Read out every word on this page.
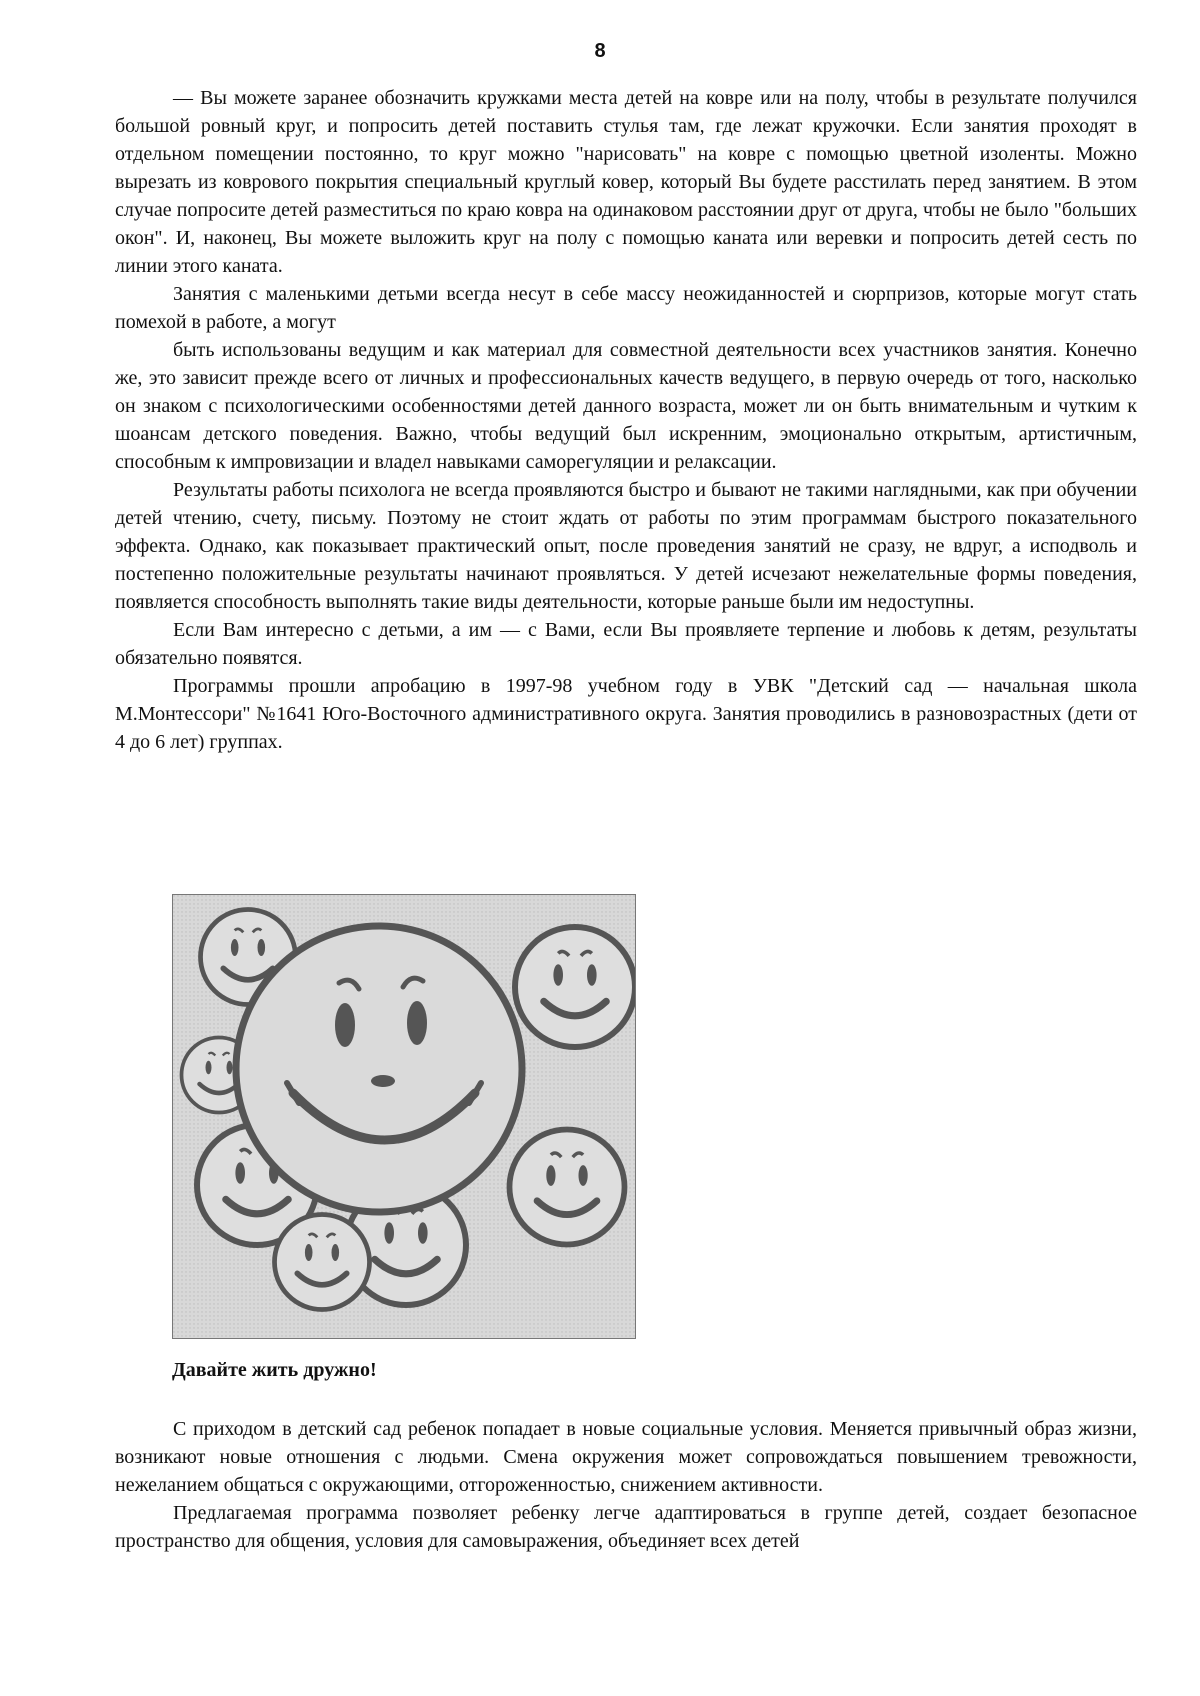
8

— Вы можете заранее обозначить кружками места детей на ковре или на полу, чтобы в результате получился большой ровный круг, и попросить детей поставить стулья там, где лежат кружочки. Если занятия проходят в отдельном помещении постоянно, то круг можно "нарисовать" на ковре с помощью цветной изоленты. Можно вырезать из коврового покрытия специальный круглый ковер, который Вы будете расстилать перед занятием. В этом случае попросите детей разместиться по краю ковра на одинаковом расстоянии друг от друга, чтобы не было "больших окон". И, наконец, Вы можете выложить круг на полу с помощью каната или веревки и попросить детей сесть по линии этого каната.

Занятия с маленькими детьми всегда несут в себе массу неожиданностей и сюрпризов, которые могут стать помехой в работе, а могут

быть использованы ведущим и как материал для совместной деятельности всех участников занятия. Конечно же, это зависит прежде всего от личных и профессиональных качеств ведущего, в первую очередь от того, насколько он знаком с психологическими особенностями детей данного возраста, может ли он быть внимательным и чутким к шоансам детского поведения. Важно, чтобы ведущий был искренним, эмоционально открытым, артистичным, способным к импровизации и владел навыками саморегуляции и релаксации.

Результаты работы психолога не всегда проявляются быстро и бывают не такими наглядными, как при обучении детей чтению, счету, письму. Поэтому не стоит ждать от работы по этим программам быстрого показательного эффекта. Однако, как показывает практический опыт, после проведения занятий не сразу, не вдруг, а исподволь и постепенно положительные результаты начинают проявляться. У детей исчезают нежелательные формы поведения, появляется способность выполнять такие виды деятельности, которые раньше были им недоступны.

Если Вам интересно с детьми, а им — с Вами, если Вы проявляете терпение и любовь к детям, результаты обязательно появятся.

Программы прошли апробацию в 1997-98 учебном году в УВК "Детский сад — начальная школа М.Монтессори" №1641 Юго-Восточного административного округа. Занятия проводились в разновозрастных (дети от 4 до 6 лет) группах.

Давайте жить дружно!

С приходом в детский сад ребенок попадает в новые социальные условия. Меняется привычный образ жизни, возникают новые отношения с людьми. Смена окружения может сопровождаться повышением тревожности, нежеланием общаться с окружающими, отгороженностью, снижением активности.

Предлагаемая программа позволяет ребенку легче адаптироваться в группе детей, создает безопасное пространство для общения, условия для самовыражения, объединяет всех детей
